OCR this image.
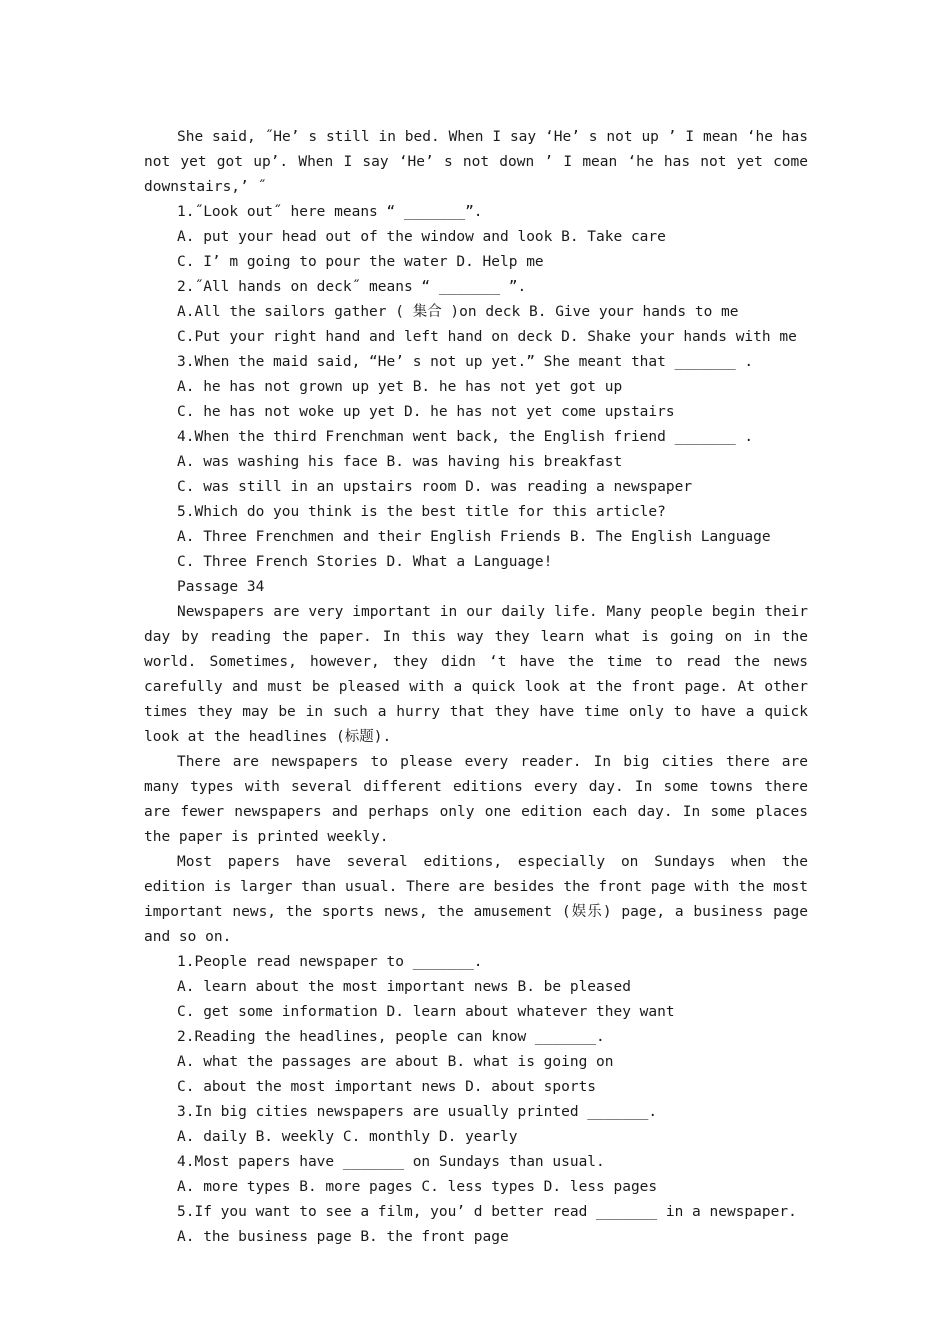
She said, ˝He’ s still in bed. When I say ‘He’ s not up ’ I mean ‘he has not yet got up’. When I say ‘He’ s not down ’ I mean ‘he has not yet come downstairs,’ ˝

1.˝Look out˝ here means “ _______”.

A. put your head out of the window and look B. Take care

C. I’ m going to pour the water D. Help me

2.˝All hands on deck˝ means “ _______ ”.

A.All the sailors gather ( 集合 )on deck B. Give your hands to me

C.Put your right hand and left hand on deck D. Shake your hands with me

3.When the maid said, “He’ s not up yet.” She meant that _______ .

A. he has not grown up yet B. he has not yet got up

C. he has not woke up yet D. he has not yet come upstairs

4.When the third Frenchman went back, the English friend _______ .

A. was washing his face B. was having his breakfast

C. was still in an upstairs room D. was reading a newspaper

5.Which do you think is the best title for this article?

A. Three Frenchmen and their English Friends B. The English Language

C. Three French Stories D. What a Language!

Passage 34

Newspapers are very important in our daily life. Many people begin their day by reading the paper. In this way they learn what is going on in the world. Sometimes, however, they didn ‘t have the time to read the news carefully and must be pleased with a quick look at the front page. At other times they may be in such a hurry that they have time only to have a quick look at the headlines (标题).

There are newspapers to please every reader. In big cities there are many types with several different editions every day. In some towns there are fewer newspapers and perhaps only one edition each day. In some places the paper is printed weekly.

Most papers have several editions, especially on Sundays when the edition is larger than usual. There are besides the front page with the most important news, the sports news, the amusement (娱乐) page, a business page and so on.

1.People read newspaper to _______.

A. learn about the most important news B. be pleased

C. get some information D. learn about whatever they want

2.Reading the headlines, people can know _______.

A. what the passages are about B. what is going on

C. about the most important news D. about sports

3.In big cities newspapers are usually printed _______.

A. daily B. weekly C. monthly D. yearly

4.Most papers have _______ on Sundays than usual.

A. more types B. more pages C. less types D. less pages

5.If you want to see a film, you’ d better read _______ in a newspaper.

A. the business page B. the front page
